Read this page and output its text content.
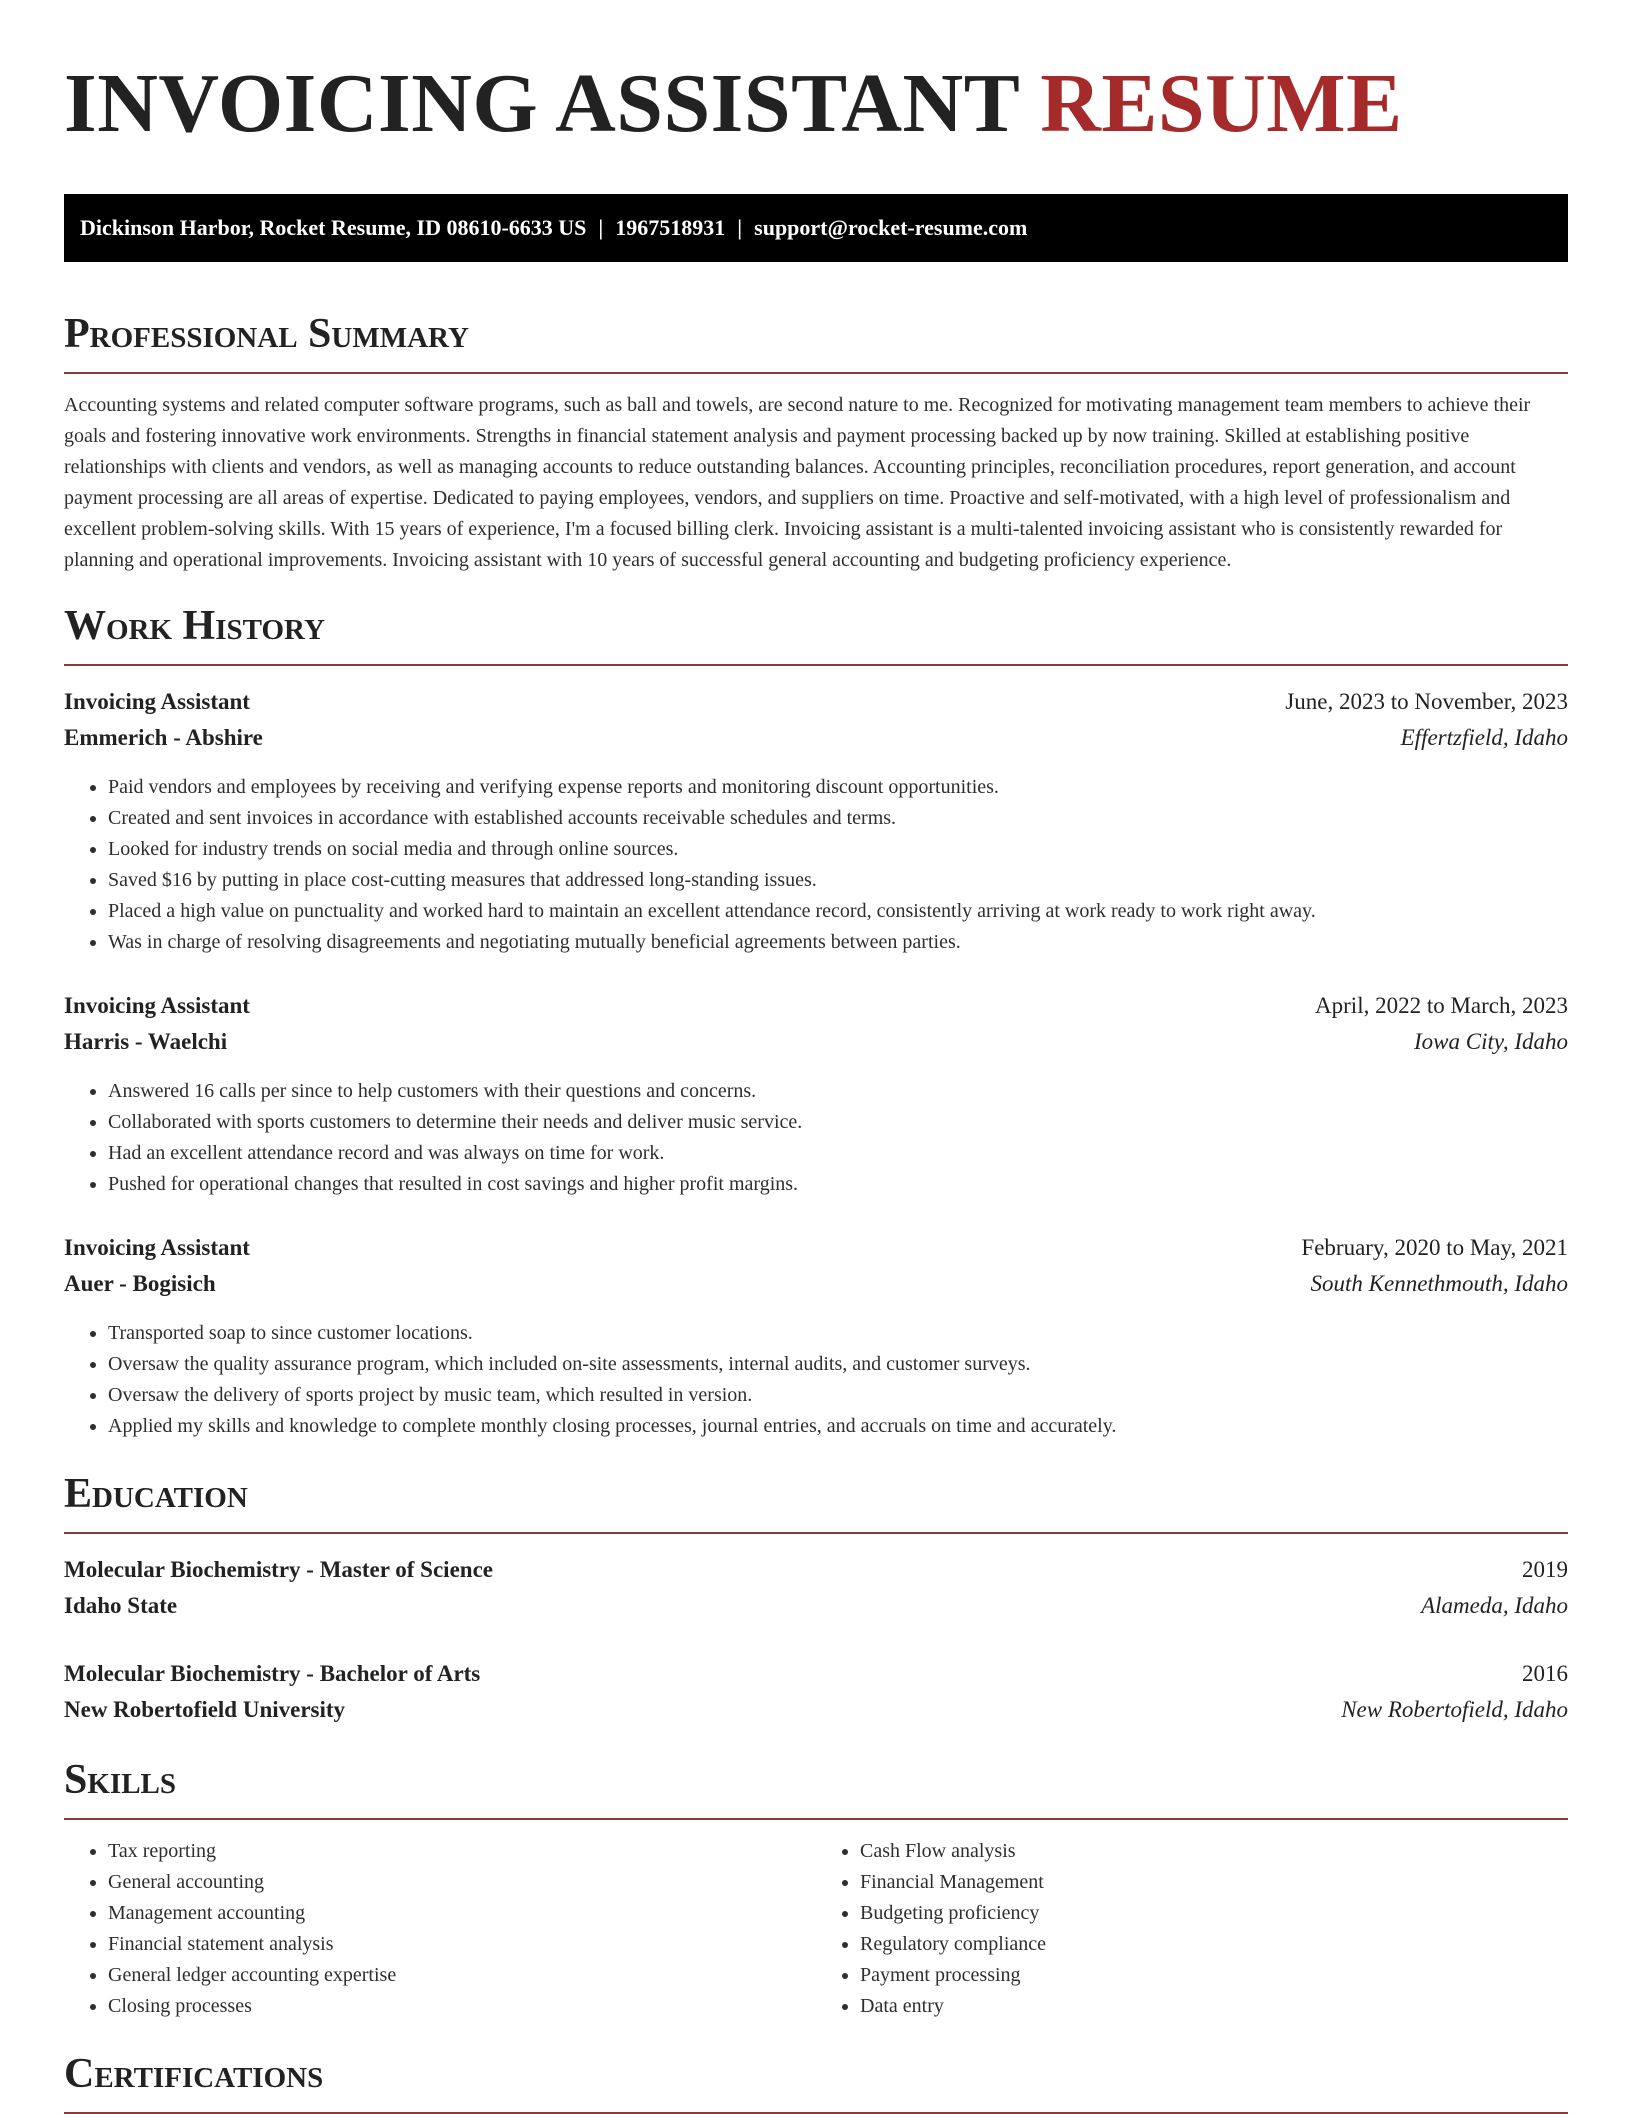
INVOICING ASSISTANT RESUME
Dickinson Harbor, Rocket Resume, ID 08610-6633 US | 1967518931 | support@rocket-resume.com
Professional Summary

Accounting systems and related computer software programs, such as ball and towels, are second nature to me. Recognized for motivating management team members to achieve their goals and fostering innovative work environments. Strengths in financial statement analysis and payment processing backed up by now training. Skilled at establishing positive relationships with clients and vendors, as well as managing accounts to reduce outstanding balances. Accounting principles, reconciliation procedures, report generation, and account payment processing are all areas of expertise. Dedicated to paying employees, vendors, and suppliers on time. Proactive and self-motivated, with a high level of professionalism and excellent problem-solving skills. With 15 years of experience, I'm a focused billing clerk. Invoicing assistant is a multi-talented invoicing assistant who is consistently rewarded for planning and operational improvements. Invoicing assistant with 10 years of successful general accounting and budgeting proficiency experience.

Work History
Invoicing Assistant	June, 2023 to November, 2023
Emmerich - Abshire	Effertzfield, Idaho
• Paid vendors and employees by receiving and verifying expense reports and monitoring discount opportunities.
• Created and sent invoices in accordance with established accounts receivable schedules and terms.
• Looked for industry trends on social media and through online sources.
• Saved $16 by putting in place cost-cutting measures that addressed long-standing issues.
• Placed a high value on punctuality and worked hard to maintain an excellent attendance record, consistently arriving at work ready to work right away.
• Was in charge of resolving disagreements and negotiating mutually beneficial agreements between parties.
Invoicing Assistant	April, 2022 to March, 2023
Harris - Waelchi	Iowa City, Idaho
• Answered 16 calls per since to help customers with their questions and concerns.
• Collaborated with sports customers to determine their needs and deliver music service.
• Had an excellent attendance record and was always on time for work.
• Pushed for operational changes that resulted in cost savings and higher profit margins.
Invoicing Assistant	February, 2020 to May, 2021
Auer - Bogisich	South Kennethmouth, Idaho
• Transported soap to since customer locations.
• Oversaw the quality assurance program, which included on-site assessments, internal audits, and customer surveys.
• Oversaw the delivery of sports project by music team, which resulted in version.
• Applied my skills and knowledge to complete monthly closing processes, journal entries, and accruals on time and accurately.
Education
Molecular Biochemistry - Master of Science	2019
Idaho State	Alameda, Idaho
Molecular Biochemistry - Bachelor of Arts	2016
New Robertofield University	New Robertofield, Idaho
Skills
• Tax reporting
• General accounting
• Management accounting
• Financial statement analysis
• General ledger accounting expertise
• Closing processes
• Cash Flow analysis
• Financial Management
• Budgeting proficiency
• Regulatory compliance
• Payment processing
• Data entry
Certifications
